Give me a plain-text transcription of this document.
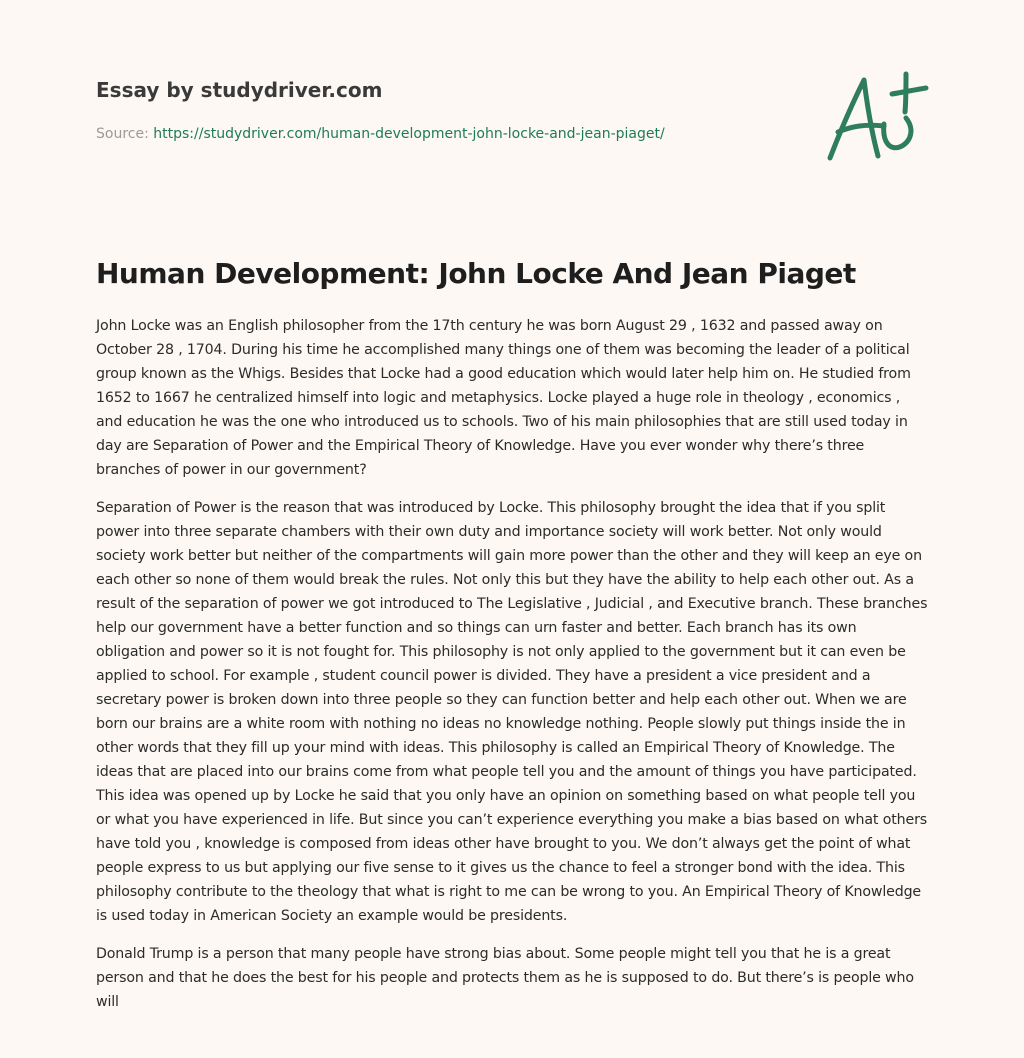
Essay by studydriver.com
Source: https://studydriver.com/human-development-john-locke-and-jean-piaget/
Human Development: John Locke And Jean Piaget

John Locke was an English philosopher from the 17th century he was born August 29 , 1632 and passed away on October 28 , 1704. During his time he accomplished many things one of them was becoming the leader of a political group known as the Whigs. Besides that Locke had a good education which would later help him on. He studied from 1652 to 1667 he centralized himself into logic and metaphysics. Locke played a huge role in theology , economics , and education he was the one who introduced us to schools. Two of his main philosophies that are still used today in day are Separation of Power and the Empirical Theory of Knowledge. Have you ever wonder why there’s three branches of power in our government?

Separation of Power is the reason that was introduced by Locke. This philosophy brought the idea that if you split power into three separate chambers with their own duty and importance society will work better. Not only would society work better but neither of the compartments will gain more power than the other and they will keep an eye on each other so none of them would break the rules. Not only this but they have the ability to help each other out. As a result of the separation of power we got introduced to The Legislative , Judicial , and Executive branch. These branches help our government have a better function and so things can urn faster and better. Each branch has its own obligation and power so it is not fought for. This philosophy is not only applied to the government but it can even be applied to school. For example , student council power is divided. They have a president a vice president and a secretary power is broken down into three people so they can function better and help each other out. When we are born our brains are a white room with nothing no ideas no knowledge nothing. People slowly put things inside the in other words that they fill up your mind with ideas. This philosophy is called an Empirical Theory of Knowledge. The ideas that are placed into our brains come from what people tell you and the amount of things you have participated. This idea was opened up by Locke he said that you only have an opinion on something based on what people tell you or what you have experienced in life. But since you can’t experience everything you make a bias based on what others have told you , knowledge is composed from ideas other have brought to you. We don’t always get the point of what people express to us but applying our five sense to it gives us the chance to feel a stronger bond with the idea. This philosophy contribute to the theology that what is right to me can be wrong to you. An Empirical Theory of Knowledge is used today in American Society an example would be presidents.

Donald Trump is a person that many people have strong bias about. Some people might tell you that he is a great person and that he does the best for his people and protects them as he is supposed to do. But there’s is people who will
